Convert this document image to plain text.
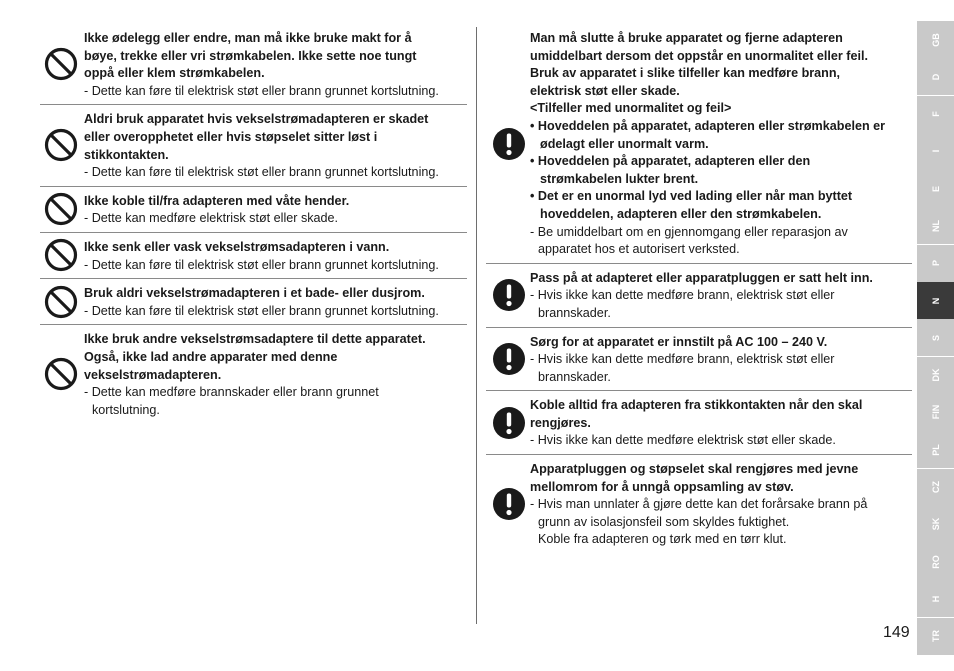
Ikke ødelegg eller endre, man må ikke bruke makt for å
bøye, trekke eller vri strømkabelen. Ikke sette noe tungt
oppå eller klem strømkabelen.
- Dette kan føre til elektrisk støt eller brann grunnet kortslutning.
Aldri bruk apparatet hvis vekselstrømadapteren er skadet
eller overopphetet eller hvis støpselet sitter løst i
stikkontakten.
- Dette kan føre til elektrisk støt eller brann grunnet kortslutning.
Ikke koble til/fra adapteren med våte hender.
- Dette kan medføre elektrisk støt eller skade.
Ikke senk eller vask vekselstrømsadapteren i vann.
- Dette kan føre til elektrisk støt eller brann grunnet kortslutning.
Bruk aldri vekselstrømadapteren i et bade- eller dusjrom.
- Dette kan føre til elektrisk støt eller brann grunnet kortslutning.
Ikke bruk andre vekselstrømsadaptere til dette apparatet.
Også, ikke lad andre apparater med denne
vekselstrømadapteren.
- Dette kan medføre brannskader eller brann grunnet
kortslutning.
Man må slutte å bruke apparatet og fjerne adapteren
umiddelbart dersom det oppstår en unormalitet eller feil.
Bruk av apparatet i slike tilfeller kan medføre brann,
elektrisk støt eller skade.
<Tilfeller med unormalitet og feil>
• Hoveddelen på apparatet, adapteren eller strømkabelen er
ødelagt eller unormalt varm.
• Hoveddelen på apparatet, adapteren eller den
strømkabelen lukter brent.
• Det er en unormal lyd ved lading eller når man byttet
hoveddelen, adapteren eller den strømkabelen.
- Be umiddelbart om en gjennomgang eller reparasjon av
apparatet hos et autorisert verksted.
Pass på at adapteret eller apparatpluggen er satt helt inn.
- Hvis ikke kan dette medføre brann, elektrisk støt eller
brannskader.
Sørg for at apparatet er innstilt på AC 100 – 240 V.
- Hvis ikke kan dette medføre brann, elektrisk støt eller
brannskader.
Koble alltid fra adapteren fra stikkontakten når den skal
rengjøres.
- Hvis ikke kan dette medføre elektrisk støt eller skade.
Apparatpluggen og støpselet skal rengjøres med jevne
mellomrom for å unngå oppsamling av støv.
- Hvis man unnlater å gjøre dette kan det forårsake brann på
grunn av isolasjonsfeil som skyldes fuktighet.
Koble fra adapteren og tørk med en tørr klut.
GB
D
F
I
E
NL
P
N
S
DK
FIN
PL
CZ
SK
RO
H
TR
149
